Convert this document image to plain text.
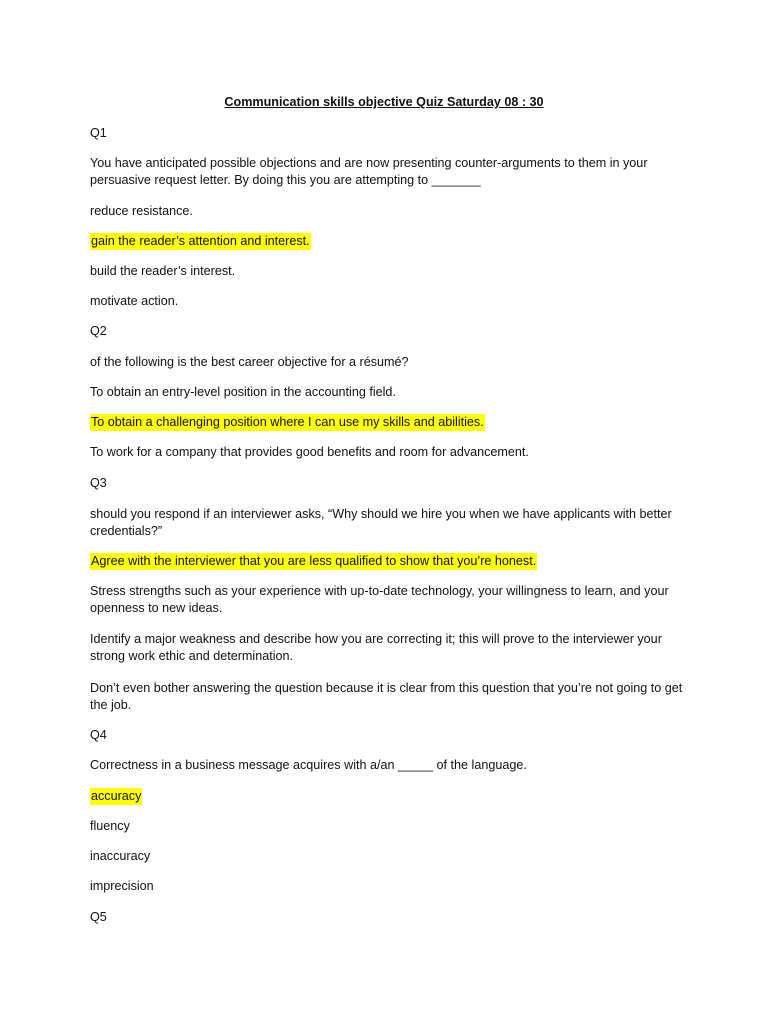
Communication skills objective Quiz Saturday 08 : 30
Q1
You have anticipated possible objections and are now presenting counter-arguments to them in your persuasive request letter. By doing this you are attempting to _______
reduce resistance.
gain the reader’s attention and interest.
build the reader’s interest.
motivate action.
Q2
of the following is the best career objective for a résumé?
To obtain an entry-level position in the accounting field.
To obtain a challenging position where I can use my skills and abilities.
To work for a company that provides good benefits and room for advancement.
Q3
should you respond if an interviewer asks, “Why should we hire you when we have applicants with better credentials?”
Agree with the interviewer that you are less qualified to show that you’re honest.
Stress strengths such as your experience with up-to-date technology, your willingness to learn, and your openness to new ideas.
Identify a major weakness and describe how you are correcting it; this will prove to the interviewer your strong work ethic and determination.
Don’t even bother answering the question because it is clear from this question that you’re not going to get the job.
Q4
Correctness in a business message acquires with a/an _____ of the language.
accuracy
fluency
inaccuracy
imprecision
Q5
